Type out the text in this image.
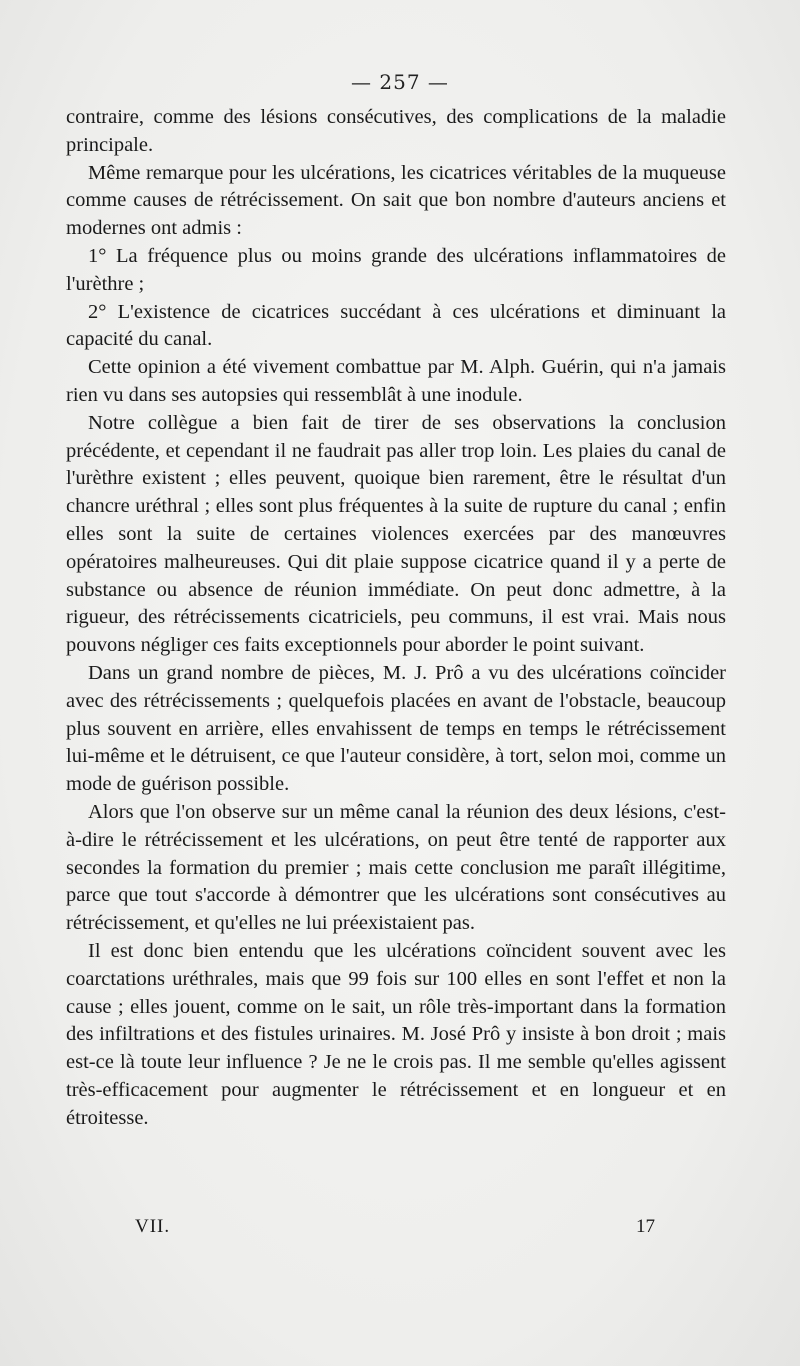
— 257 —

contraire, comme des lésions consécutives, des complications de la maladie principale.

Même remarque pour les ulcérations, les cicatrices véritables de la muqueuse comme causes de rétrécissement. On sait que bon nombre d'auteurs anciens et modernes ont admis :

1° La fréquence plus ou moins grande des ulcérations inflammatoires de l'urèthre ;

2° L'existence de cicatrices succédant à ces ulcérations et diminuant la capacité du canal.

Cette opinion a été vivement combattue par M. Alph. Guérin, qui n'a jamais rien vu dans ses autopsies qui ressemblât à une inodule.

Notre collègue a bien fait de tirer de ses observations la conclusion précédente, et cependant il ne faudrait pas aller trop loin. Les plaies du canal de l'urèthre existent ; elles peuvent, quoique bien rarement, être le résultat d'un chancre uréthral ; elles sont plus fréquentes à la suite de rupture du canal ; enfin elles sont la suite de certaines violences exercées par des manœuvres opératoires malheureuses. Qui dit plaie suppose cicatrice quand il y a perte de substance ou absence de réunion immédiate. On peut donc admettre, à la rigueur, des rétrécissements cicatriciels, peu communs, il est vrai. Mais nous pouvons négliger ces faits exceptionnels pour aborder le point suivant.

Dans un grand nombre de pièces, M. J. Prô a vu des ulcérations coïncider avec des rétrécissements ; quelquefois placées en avant de l'obstacle, beaucoup plus souvent en arrière, elles envahissent de temps en temps le rétrécissement lui-même et le détruisent, ce que l'auteur considère, à tort, selon moi, comme un mode de guérison possible.

Alors que l'on observe sur un même canal la réunion des deux lésions, c'est-à-dire le rétrécissement et les ulcérations, on peut être tenté de rapporter aux secondes la formation du premier ; mais cette conclusion me paraît illégitime, parce que tout s'accorde à démontrer que les ulcérations sont consécutives au rétrécissement, et qu'elles ne lui préexistaient pas.

Il est donc bien entendu que les ulcérations coïncident souvent avec les coarctations uréthrales, mais que 99 fois sur 100 elles en sont l'effet et non la cause ; elles jouent, comme on le sait, un rôle très-important dans la formation des infiltrations et des fistules urinaires. M. José Prô y insiste à bon droit ; mais est-ce là toute leur influence ? Je ne le crois pas. Il me semble qu'elles agissent très-efficacement pour augmenter le rétrécissement et en longueur et en étroitesse.

VII.	17
